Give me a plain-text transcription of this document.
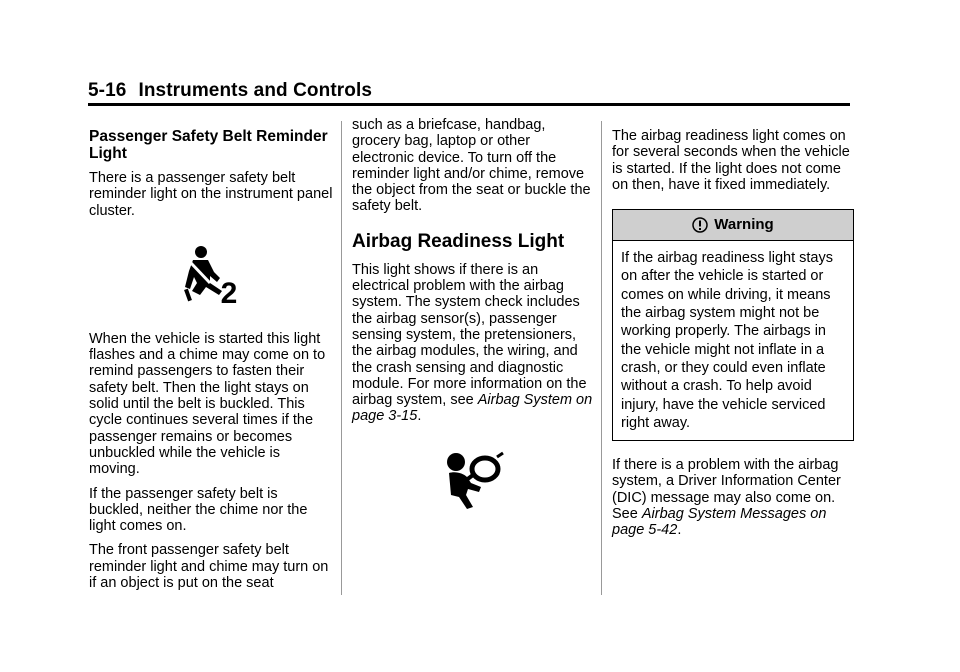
5-16 Instruments and Controls
Passenger Safety Belt Reminder Light

There is a passenger safety belt reminder light on the instrument panel cluster.

2

When the vehicle is started this light flashes and a chime may come on to remind passengers to fasten their safety belt. Then the light stays on solid until the belt is buckled. This cycle continues several times if the passenger remains or becomes unbuckled while the vehicle is moving.

If the passenger safety belt is buckled, neither the chime nor the light comes on.

The front passenger safety belt reminder light and chime may turn on if an object is put on the seat

such as a briefcase, handbag, grocery bag, laptop or other electronic device. To turn off the reminder light and/or chime, remove the object from the seat or buckle the safety belt.

Airbag Readiness Light

This light shows if there is an electrical problem with the airbag system. The system check includes the airbag sensor(s), passenger sensing system, the pretensioners, the airbag modules, the wiring, and the crash sensing and diagnostic module. For more information on the airbag system, see Airbag System on page 3-15.

The airbag readiness light comes on for several seconds when the vehicle is started. If the light does not come on then, have it fixed immediately.

Warning
If the airbag readiness light stays on after the vehicle is started or comes on while driving, it means the airbag system might not be working properly. The airbags in the vehicle might not inflate in a crash, or they could even inflate without a crash. To help avoid injury, have the vehicle serviced right away.

If there is a problem with the airbag system, a Driver Information Center (DIC) message may also come on. See Airbag System Messages on page 5-42.
